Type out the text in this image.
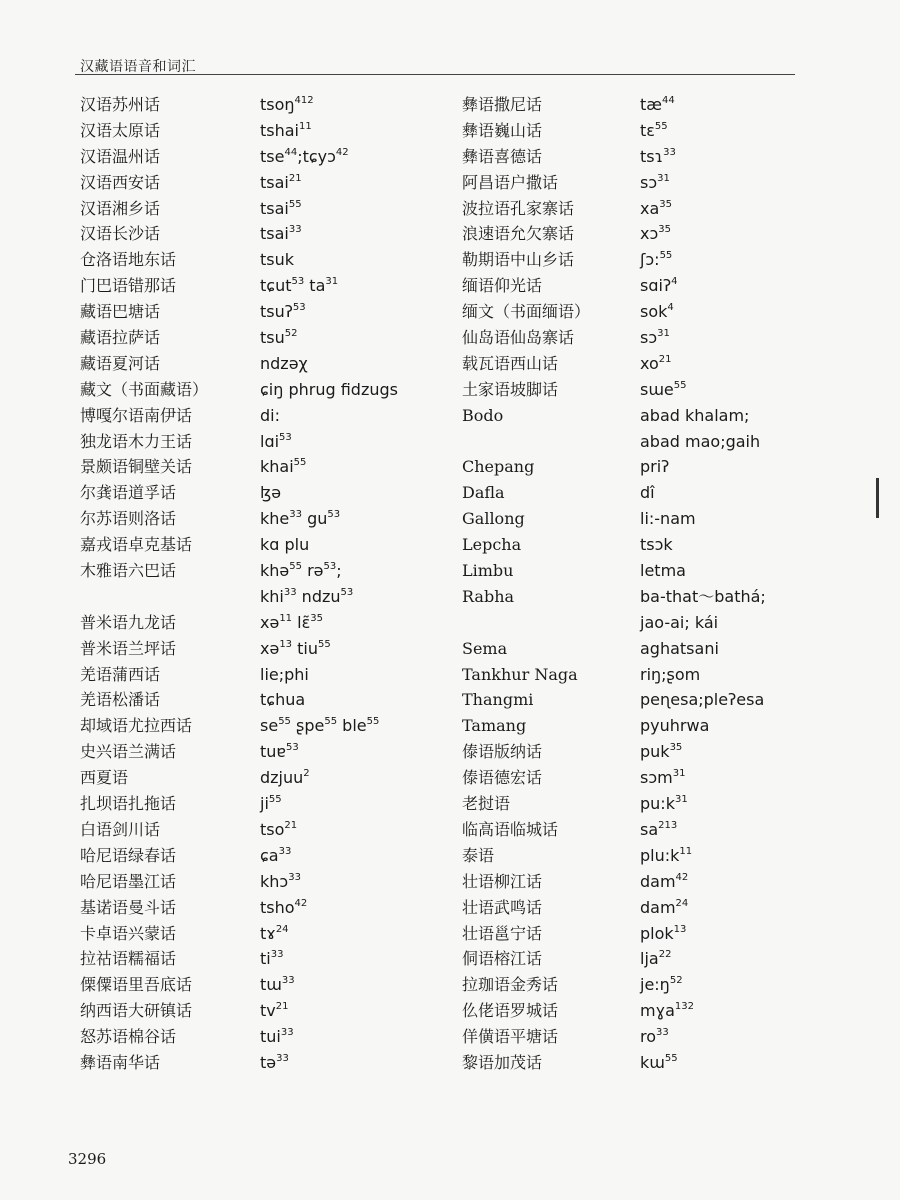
汉藏语语音和词汇
汉语苏州话	tsoŋ$^{412}$
汉语太原话	tshai$^{11}$
汉语温州话	tse$^{44}$;tɕyɔ$^{42}$
汉语西安话	tsai$^{21}$
汉语湘乡话	tsai$^{55}$
汉语长沙话	tsai$^{33}$
仓洛语地东话	tsuk
门巴语错那话	tɕut$^{53}$ $ta^{31}$
藏语巴塘话	tsuʔ$^{53}$
藏语拉萨话	tsu$^{52}$
藏语夏河话	ndzəχ
藏文（书面藏语）	ɕiŋ phrug fidzugs
博嘎尔语南伊话	di:
独龙语木力王话	lɑi$^{53}$
景颇语铜壁关话	khai$^{55}$
尔龚语道孚话	ɮə
尔苏语则洛话	khe$^{33}$ $gu^{53}$
嘉戎语卓克基话	kɑ plu
木雅语六巴话	khə$^{55}$ rə$^{53}$;
khi$^{33}$ ndzu$^{53}$
普米语九龙话	xə$^{11}$ lɛ̃$^{35}$
普米语兰坪话	xə$^{13}$ tiu$^{55}$
羌语蒲西话	lie;phi
羌语松潘话	tɕhua
却域语尤拉西话	$se^{55}$ ʂpe$^{55}$ ble$^{55}$
史兴语兰满话	tuɐ$^{53}$
西夏语	dzjuu$^2$
扎坝语扎拖话	$ji^{55}$
白语剑川话	tso$^{21}$
哈尼语绿春话	ɕa$^{33}$
哈尼语墨江话	khɔ$^{33}$
基诺语曼斗话	tsho$^{42}$
卡卓语兴蒙话	tɤ$^{24}$
拉祜语糯福话	$ti^{33}$
傈僳语里吾底话	tɯ$^{33}$
纳西语大研镇话	$tv^{21}$
怒苏语棉谷话	tui$^{33}$
彝语南华话	tə$^{33}$
彝语撒尼话	$tæ^{44}$
彝语巍山话	tɛ$^{55}$
彝语喜德话	tsɿ$^{33}$
阿昌语户撒话	sɔ$^{31}$
波拉语孔家寨话	$xa^{35}$
浪速语允欠寨话	xɔ$^{35}$
勒期语中山乡话	ʃɔ:$^{55}$
缅语仰光话	sɑiʔ$^4$
缅文（书面缅语）	sok$^4$
仙岛语仙岛寨话	sɔ$^{31}$
载瓦语西山话	$xo^{21}$
土家语坡脚话	sɯe$^{55}$
Bodo	abad khalam;
abad mao;gaih
Chepang	priʔ
Dafla	dî
Gallong	li:-nam
Lepcha	tsɔk
Limbu	letma
Rabha	ba-that～bathá;
jao-ai; kái
Sema	aghatsani
Tankhur Naga	riŋ;ʂom
Thangmi	peɳesa;pleʔesa
Tamang	pyuhrwa
傣语版纳话	puk$^{35}$
傣语德宏话	sɔm$^{31}$
老挝语	$pu:k^{31}$
临高语临城话	$sa^{213}$
泰语	$plu:k^{11}$
壮语柳江话	dam$^{42}$
壮语武鸣话	dam$^{24}$
壮语邕宁话	plok$^{13}$
侗语榕江话	lja$^{22}$
拉珈语金秀话	$je:ŋ^{52}$
仫佬语罗城话	mɣa$^{132}$
佯僙语平塘话	$ro^{33}$
黎语加茂话	kɯ$^{55}$
3296
